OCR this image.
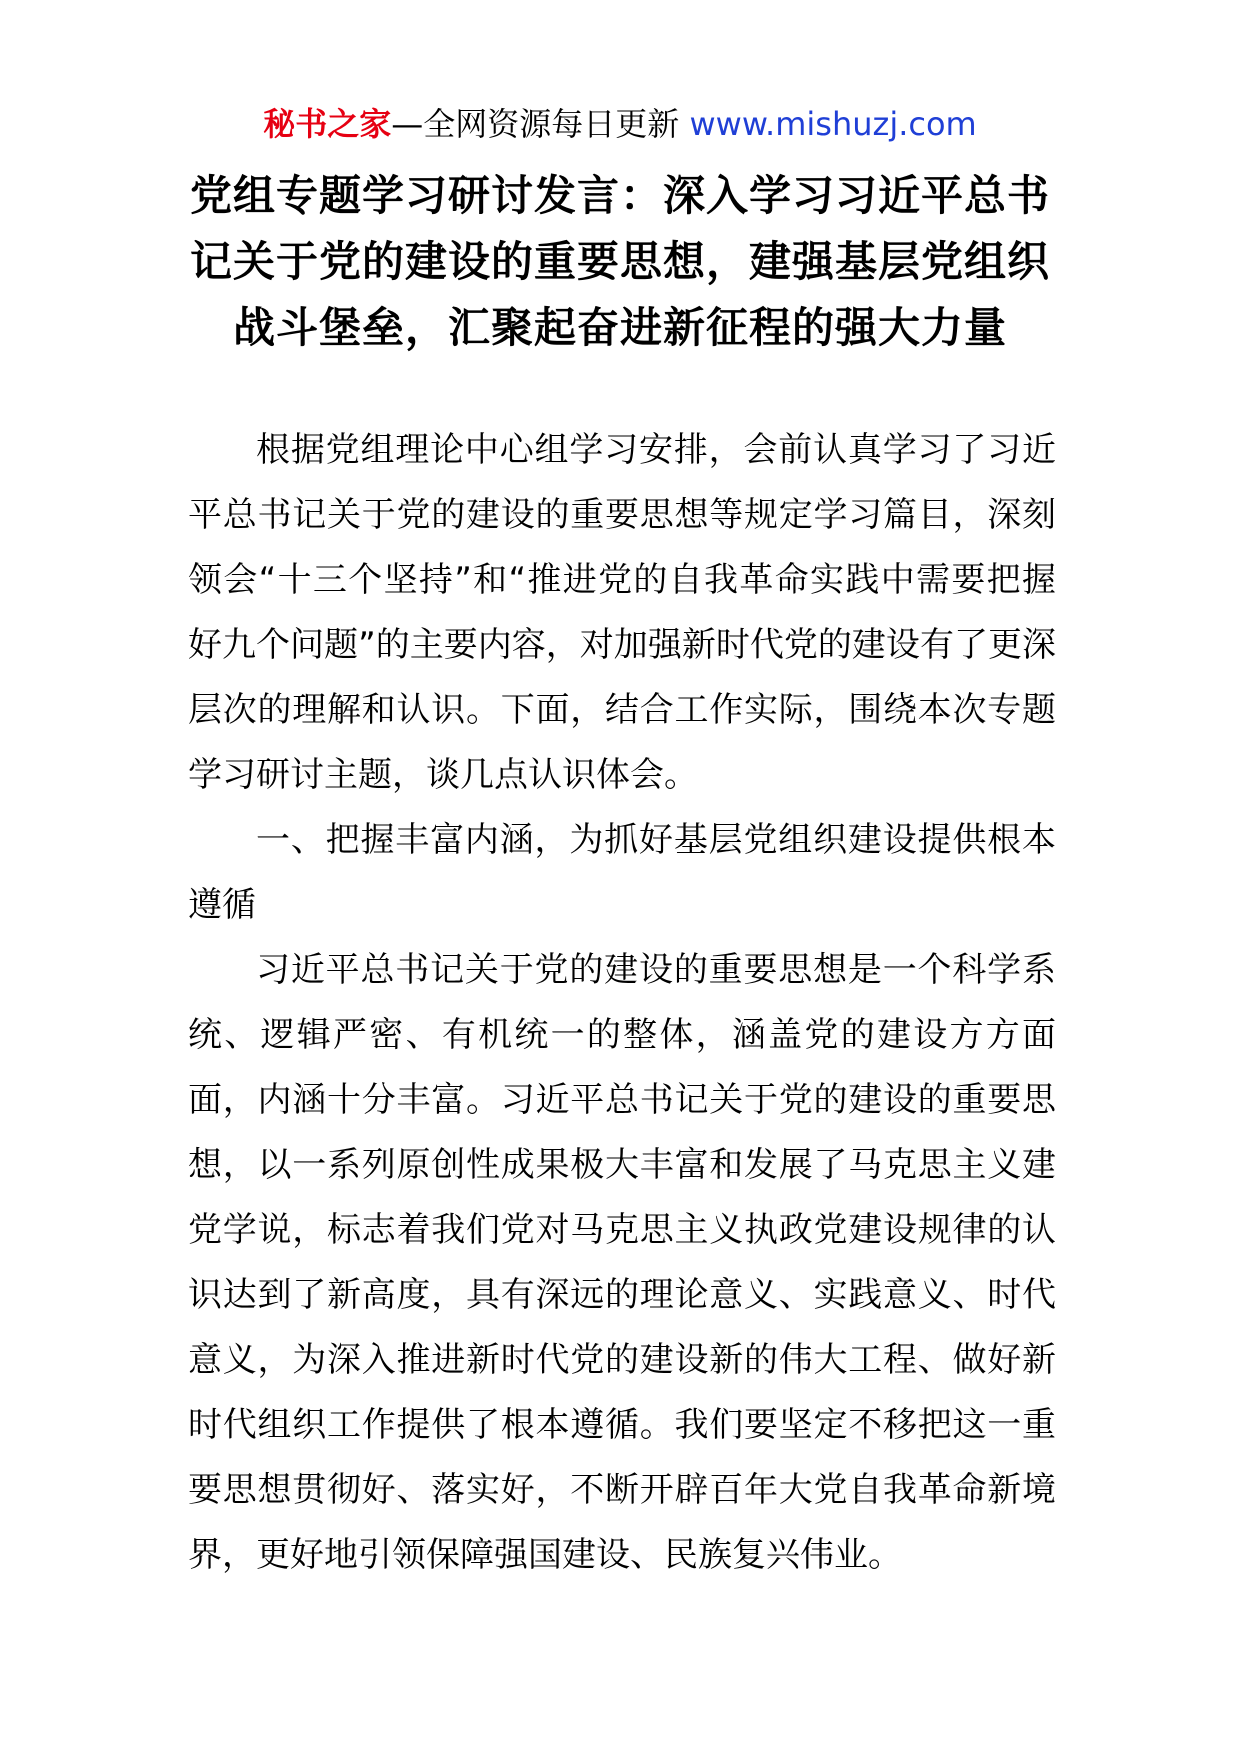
秘书之家—全网资源每日更新 www.mishuzj.com
党组专题学习研讨发言：深入学习习近平总书记关于党的建设的重要思想，建强基层党组织战斗堡垒，汇聚起奋进新征程的强大力量

根据党组理论中心组学习安排，会前认真学习了习近平总书记关于党的建设的重要思想等规定学习篇目，深刻领会“十三个坚持”和“推进党的自我革命实践中需要把握好九个问题”的主要内容，对加强新时代党的建设有了更深层次的理解和认识。下面，结合工作实际，围绕本次专题学习研讨主题，谈几点认识体会。

一、把握丰富内涵，为抓好基层党组织建设提供根本遵循

习近平总书记关于党的建设的重要思想是一个科学系统、逻辑严密、有机统一的整体，涵盖党的建设方方面面，内涵十分丰富。习近平总书记关于党的建设的重要思想，以一系列原创性成果极大丰富和发展了马克思主义建党学说，标志着我们党对马克思主义执政党建设规律的认识达到了新高度，具有深远的理论意义、实践意义、时代意义，为深入推进新时代党的建设新的伟大工程、做好新时代组织工作提供了根本遵循。我们要坚定不移把这一重要思想贯彻好、落实好，不断开辟百年大党自我革命新境界，更好地引领保障强国建设、民族复兴伟业。
